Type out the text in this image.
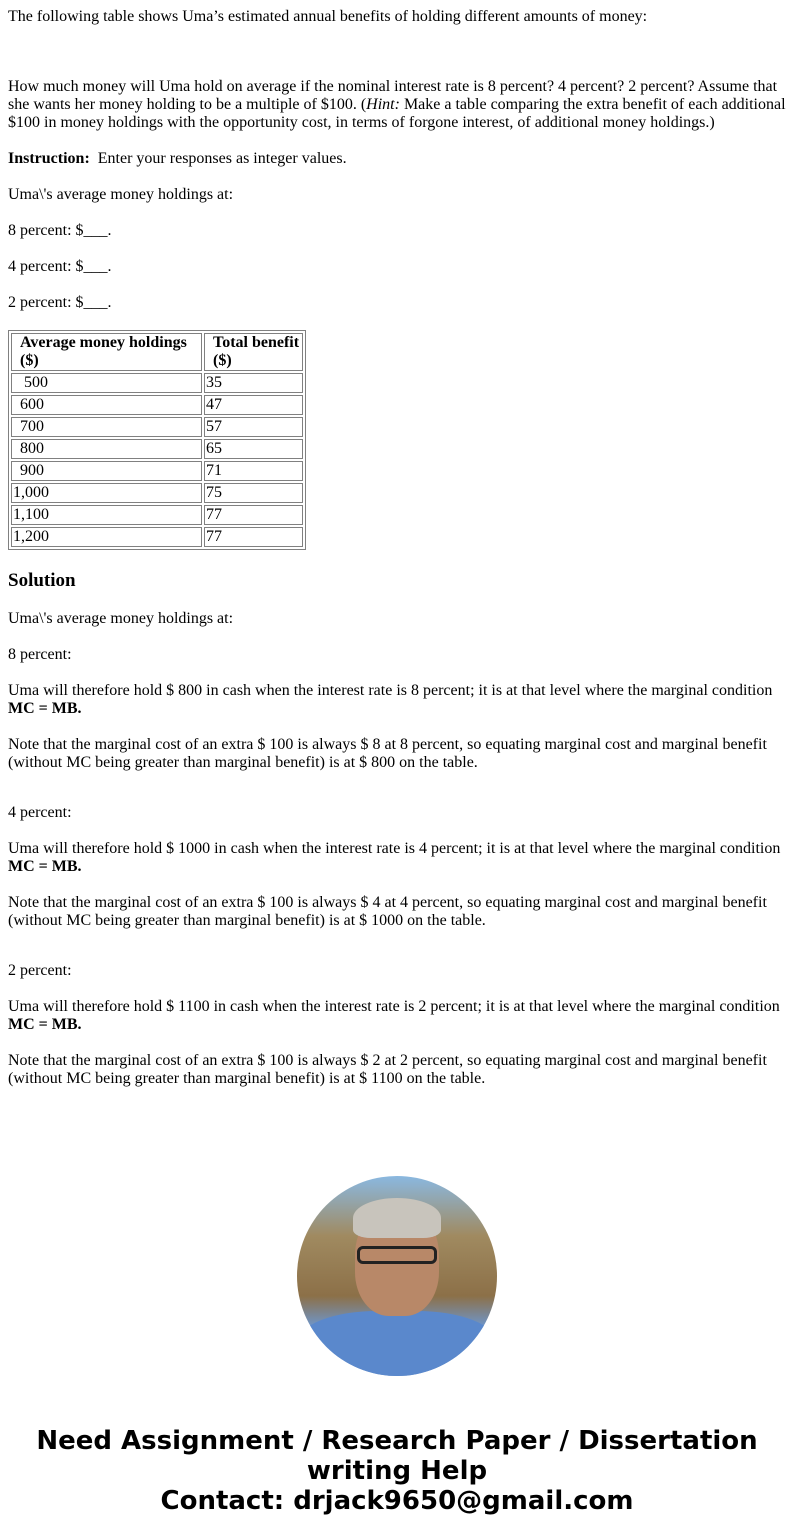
The following table shows Uma’s estimated annual benefits of holding different amounts of money:

How much money will Uma hold on average if the nominal interest rate is 8 percent? 4 percent? 2 percent? Assume that she wants her money holding to be a multiple of $100. (Hint: Make a table comparing the extra benefit of each additional $100 in money holdings with the opportunity cost, in terms of forgone interest, of additional money holdings.)

Instruction:  Enter your responses as integer values.

Uma\'s average money holdings at:

8 percent: $___.

4 percent: $___.

2 percent: $___.

Average money holdings ($)	Total benefit ($)
500	35
600	47
700	57
800	65
900	71
1,000	75
1,100	77
1,200	77
Solution

Uma\'s average money holdings at:

8 percent:

Uma will therefore hold $ 800 in cash when the interest rate is 8 percent; it is at that level where the marginal condition MC = MB.

Note that the marginal cost of an extra $ 100 is always $ 8 at 8 percent, so equating marginal cost and marginal benefit (without MC being greater than marginal benefit) is at $ 800 on the table.

4 percent:

Uma will therefore hold $ 1000 in cash when the interest rate is 4 percent; it is at that level where the marginal condition MC = MB.

Note that the marginal cost of an extra $ 100 is always $ 4 at 4 percent, so equating marginal cost and marginal benefit (without MC being greater than marginal benefit) is at $ 1000 on the table.

2 percent:

Uma will therefore hold $ 1100 in cash when the interest rate is 2 percent; it is at that level where the marginal condition MC = MB.

Note that the marginal cost of an extra $ 100 is always $ 2 at 2 percent, so equating marginal cost and marginal benefit (without MC being greater than marginal benefit) is at $ 1100 on the table.

Need Assignment / Research Paper / Dissertation writing Help
Contact: drjack9650@gmail.com
